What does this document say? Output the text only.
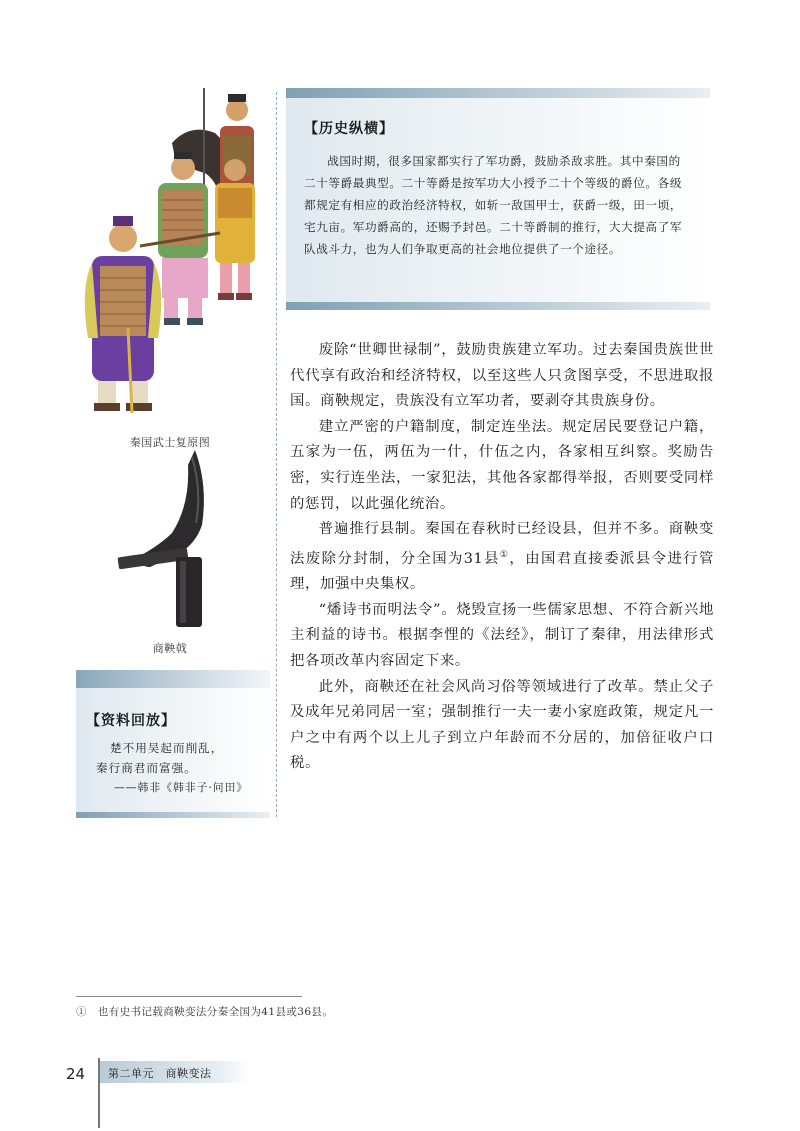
秦国武士复原图
商鞅戟
【历史纵横】

战国时期，很多国家都实行了军功爵，鼓励杀敌求胜。其中秦国的二十等爵最典型。二十等爵是按军功大小授予二十个等级的爵位。各级都规定有相应的政治经济特权，如斩一敌国甲士，获爵一级，田一顷，宅九亩。军功爵高的，还赐予封邑。二十等爵制的推行，大大提高了军队战斗力，也为人们争取更高的社会地位提供了一个途径。

【资料回放】
楚不用吴起而削乱，
秦行商君而富强。
——韩非《韩非子·问田》

废除“世卿世禄制”，鼓励贵族建立军功。过去秦国贵族世世代代享有政治和经济特权，以至这些人只贪图享受，不思进取报国。商鞅规定，贵族没有立军功者，要剥夺其贵族身份。

建立严密的户籍制度，制定连坐法。规定居民要登记户籍，五家为一伍，两伍为一什，什伍之内，各家相互纠察。奖励告密，实行连坐法，一家犯法，其他各家都得举报，否则要受同样的惩罚，以此强化统治。

普遍推行县制。秦国在春秋时已经设县，但并不多。商鞅变法废除分封制，分全国为31县①，由国君直接委派县令进行管理，加强中央集权。

“燔诗书而明法令”。烧毁宣扬一些儒家思想、不符合新兴地主利益的诗书。根据李悝的《法经》，制订了秦律，用法律形式把各项改革内容固定下来。

此外，商鞅还在社会风尚习俗等领域进行了改革。禁止父子及成年兄弟同居一室；强制推行一夫一妻小家庭政策，规定凡一户之中有两个以上儿子到立户年龄而不分居的，加倍征收户口税。

①　也有史书记载商鞅变法分秦全国为41县或36县。
24 第二单元　商鞅变法
